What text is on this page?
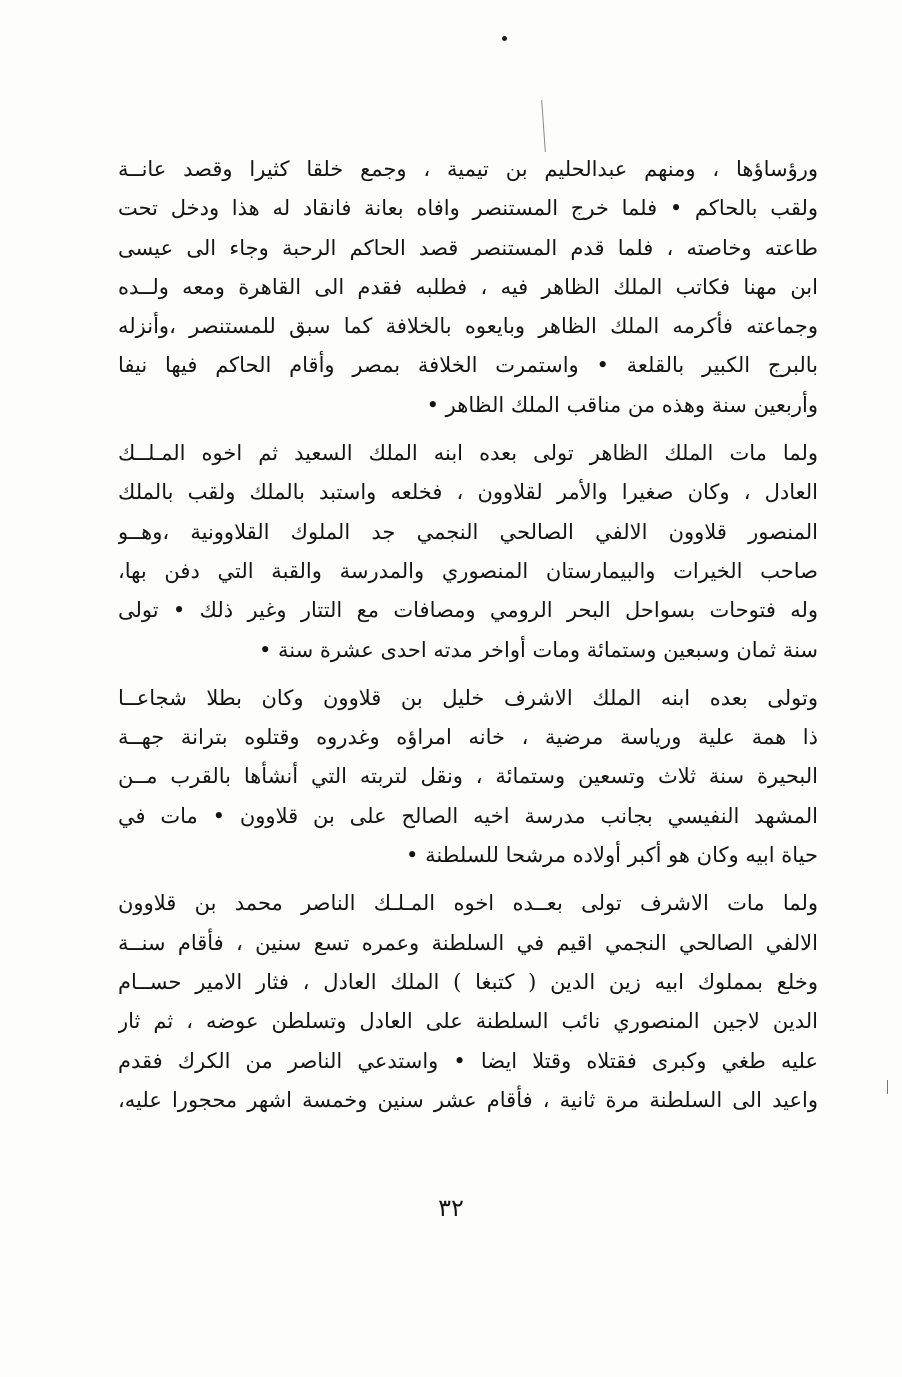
ورؤساؤها ، ومنهم عبدالحليم بن تيمية ، وجمع خلقا كثيرا وقصد عانــة
ولقب بالحاكم • فلما خرج المستنصر وافاه بعانة فانقاد له هذا ودخل تحت
طاعته وخاصته ، فلما قدم المستنصر قصد الحاكم الرحبة وجاء الى عيسى
ابن مهنا فكاتب الملك الظاهر فيه ، فطلبه فقدم الى القاهرة ومعه ولــده
وجماعته فأكرمه الملك الظاهر وبايعوه بالخلافة كما سبق للمستنصر ،وأنزله
بالبرج الكبير بالقلعة • واستمرت الخلافة بمصر وأقام الحاكم فيها نيفا
وأربعين سنة وهذه من مناقب الملك الظاهر •
ولما مات الملك الظاهر تولى بعده ابنه الملك السعيد ثم اخوه المـلــك
العادل ، وكان صغيرا والأمر لقلاوون ، فخلعه واستبد بالملك ولقب بالملك
المنصور قلاوون الالفي الصالحي النجمي جد الملوك القلاوونية ،وهــو
صاحب الخيرات والبيمارستان المنصوري والمدرسة والقبة التي دفن بها،
وله فتوحات بسواحل البحر الرومي ومصافات مع التتار وغير ذلك • تولى
سنة ثمان وسبعين وستمائة ومات أواخر مدته احدى عشرة سنة •
وتولى بعده ابنه الملك الاشرف خليل بن قلاوون وكان بطلا شجاعــا
ذا همة علية ورياسة مرضية ، خانه امراؤه وغدروه وقتلوه بترانة جهــة
البحيرة سنة ثلاث وتسعين وستمائة ، ونقل لتربته التي أنشأها بالقرب مــن
المشهد النفيسي بجانب مدرسة اخيه الصالح على بن قلاوون • مات في
حياة ابيه وكان هو أكبر أولاده مرشحا للسلطنة •
ولما مات الاشرف تولى بعــده اخوه المـلـك الناصر محمد بن قلاوون
الالفي الصالحي النجمي اقيم في السلطنة وعمره تسع سنين ، فأقام سنــة
وخلع بمملوك ابيه زين الدين ( كتبغا ) الملك العادل ، فثار الامير حســام
الدين لاجين المنصوري نائب السلطنة على العادل وتسلطن عوضه ، ثم ثار
عليه طغي وكبرى فقتلاه وقتلا ايضا • واستدعي الناصر من الكرك فقدم
واعيد الى السلطنة مرة ثانية ، فأقام عشر سنين وخمسة اشهر محجورا عليه،
٣٢
